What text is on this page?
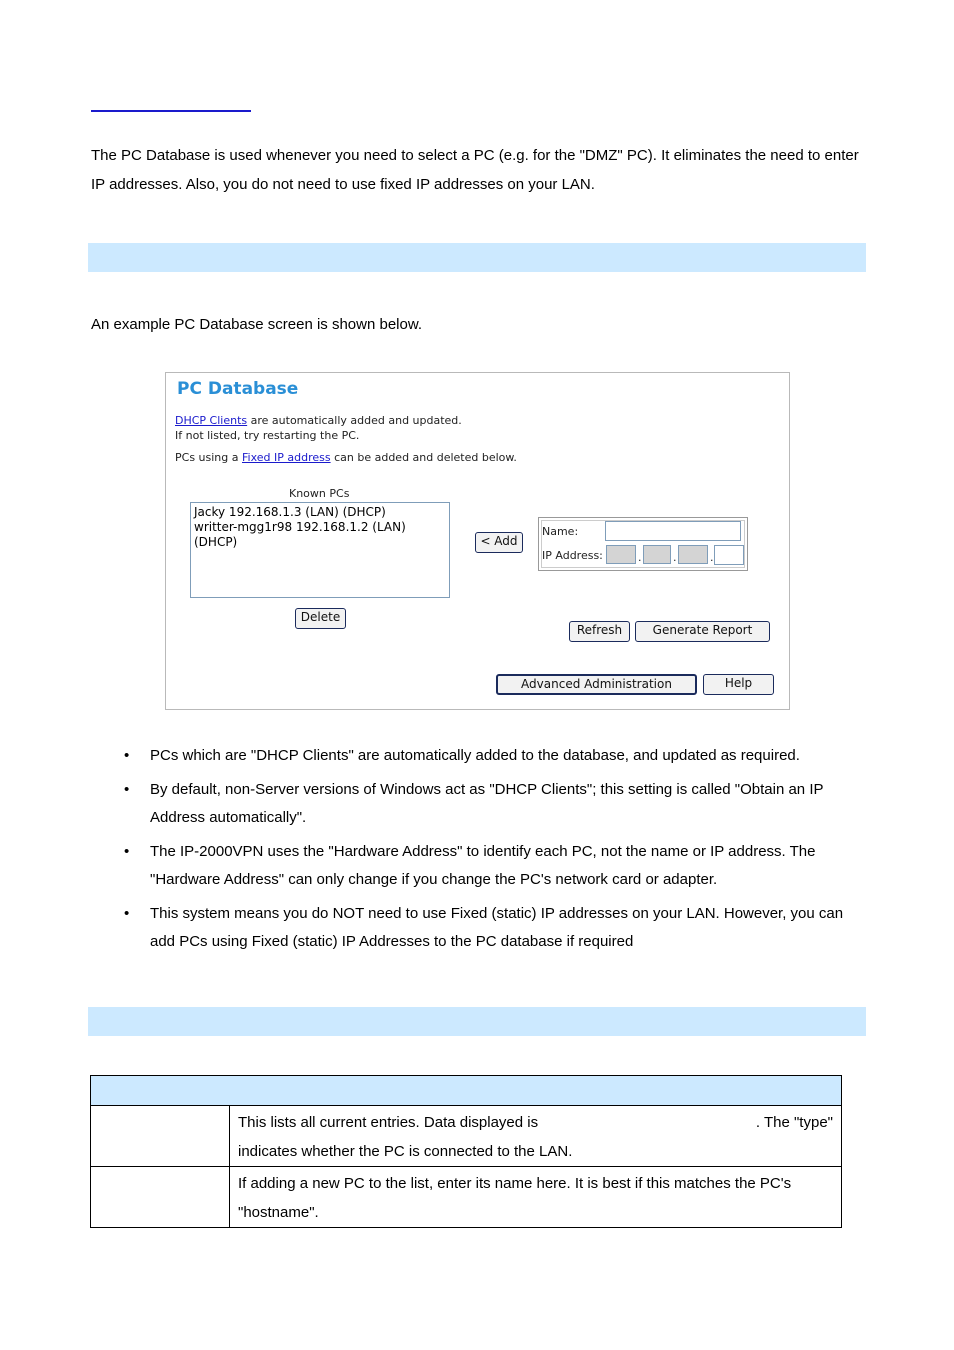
The PC Database is used whenever you need to select a PC (e.g. for the "DMZ" PC). It eliminates the need to enter IP addresses. Also, you do not need to use fixed IP addresses on your LAN.
An example PC Database screen is shown below.
PC Database
DHCP Clients are automatically added and updated.
If not listed, try restarting the PC.
PCs using a Fixed IP address can be added and deleted below.
Known PCs
Jacky 192.168.1.3 (LAN) (DHCP)
writter-mgg1r98 192.168.1.2 (LAN) (DHCP)
Delete
< Add
Name:
IP Address:	.	.	.
Refresh	Generate Report
Advanced Administration	Help
• PCs which are "DHCP Clients" are automatically added to the database, and updated as required.
• By default, non-Server versions of Windows act as "DHCP Clients"; this setting is called "Obtain an IP Address automatically".
• The IP-2000VPN uses the "Hardware Address" to identify each PC, not the name or IP address. The "Hardware Address" can only change if you change the PC's network card or adapter.
• This system means you do NOT need to use Fixed (static) IP addresses on your LAN. However, you can add PCs using Fixed (static) IP Addresses to the PC database if required

	This lists all current entries. Data displayed is . The "type"
indicates whether the PC is connected to the LAN.

	If adding a new PC to the list, enter its name here. It is best if this matches the PC's "hostname".
